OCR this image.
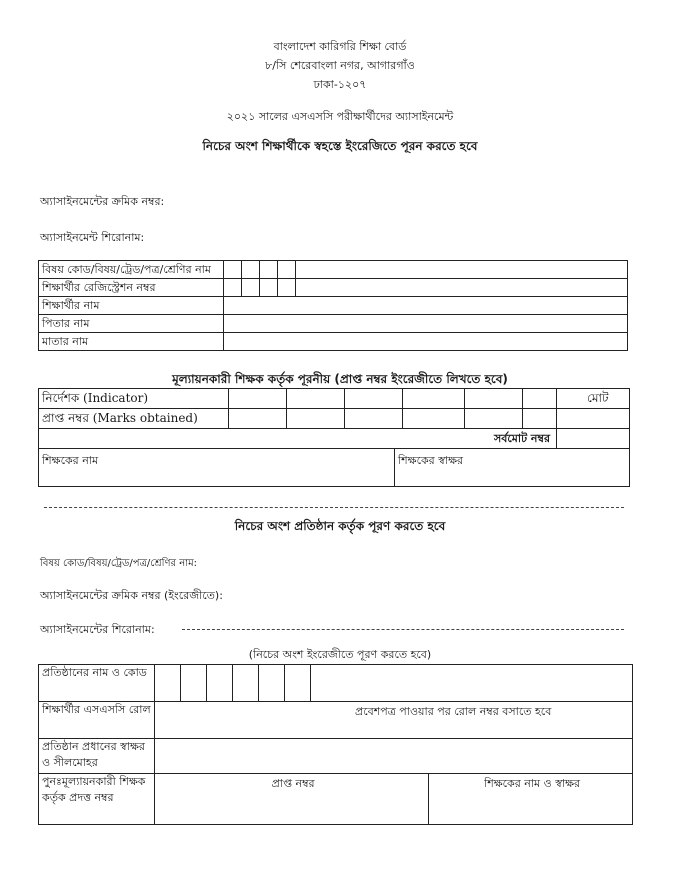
বাংলাদেশ কারিগরি শিক্ষা বোর্ড
৮/সি শেরেবাংলা নগর, আগারগাঁও
ঢাকা-১২০৭
২০২১ সালের এসএসসি পরীক্ষার্থীদের অ্যাসাইনমেন্ট
নিচের অংশ শিক্ষার্থীকে স্বহস্তে ইংরেজিতে পূরন করতে হবে
অ্যাসাইনমেন্টের ক্রমিক নম্বর:
অ্যাসাইনমেন্ট শিরোনাম:
বিষয় কোড/বিষয়/ট্রেড/পত্র/শ্রেণির নাম					
শিক্ষার্থীর রেজিস্ট্রেশন নম্বর					
শিক্ষার্থীর নাম					
পিতার নাম					
মাতার নাম					
মূল্যায়নকারী শিক্ষক কর্তৃক পূরনীয় (প্রাপ্ত নম্বর ইংরেজীতে লিখতে হবে)
নির্দেশক (Indicator)							মোট
প্রাপ্ত নম্বর (Marks obtained)							
সর্বমোট নম্বর							
শিক্ষকের নাম	শিক্ষকের স্বাক্ষর
নিচের অংশ প্রতিষ্ঠান কর্তৃক পূরণ করতে হবে
বিষয় কোড/বিষয়/ট্রেড/পত্র/শ্রেণির নাম:
অ্যাসাইনমেন্টের ক্রমিক নম্বর (ইংরেজীতে):
অ্যাসাইনমেন্টের শিরোনাম:
(নিচের অংশ ইংরেজীতে পূরণ করতে হবে)
প্রতিষ্ঠানের নাম ও কোড								
শিক্ষার্থীর এসএসসি রোল	প্রবেশপত্র পাওয়ার পর রোল নম্বর বসাতে হবে							
প্রতিষ্ঠান প্রধানের স্বাক্ষর ও সীলমোহর								
পুনঃমূল্যায়নকারী শিক্ষক কর্তৃক প্রদত্ত নম্বর	প্রাপ্ত নম্বর							শিক্ষকের নাম ও স্বাক্ষর
